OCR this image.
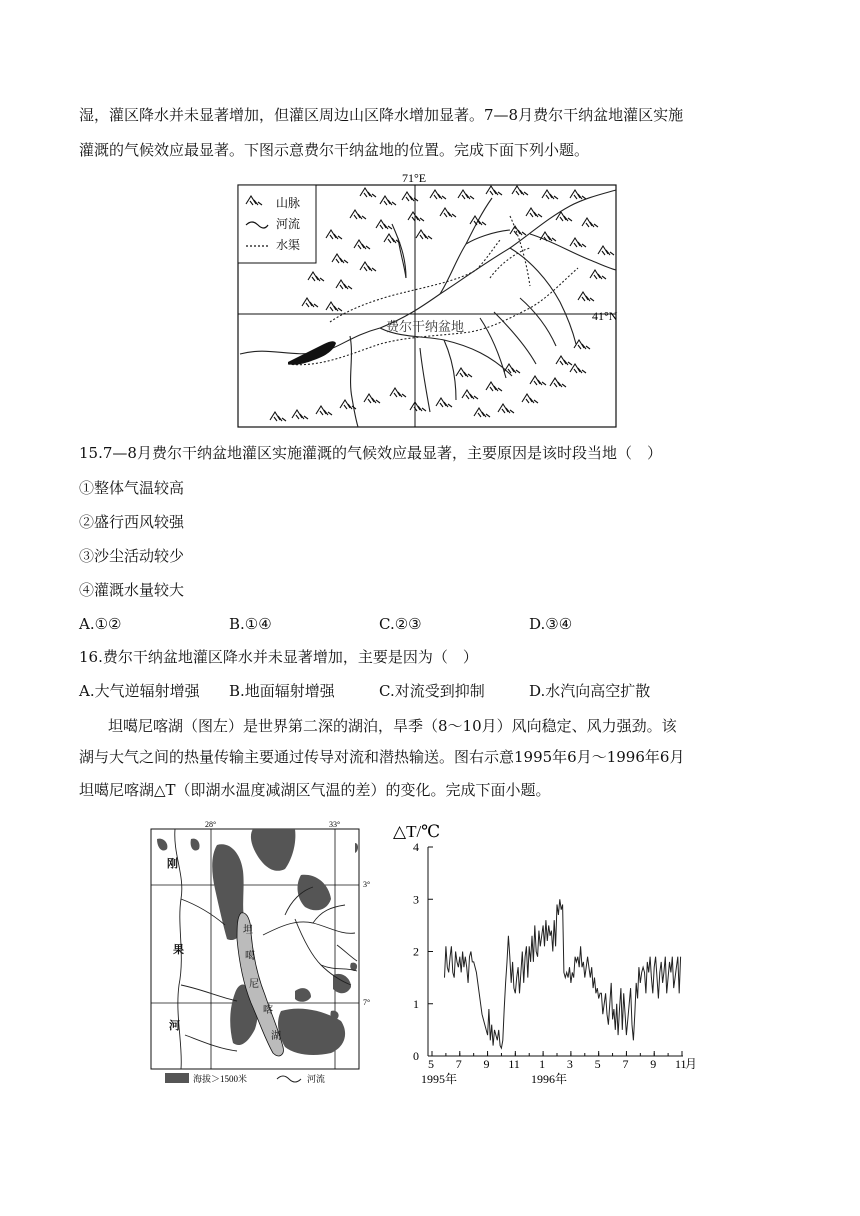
湿，灌区降水并未显著增加，但灌区周边山区降水增加显著。7—8月费尔干纳盆地灌区实施
灌溉的气候效应最显著。下图示意费尔干纳盆地的位置。完成下面下列小题。
71°E
41°N
山脉
河流
水渠
费尔干纳盆地
15.7—8月费尔干纳盆地灌区实施灌溉的气候效应最显著，主要原因是该时段当地（　）
①整体气温较高
②盛行西风较强
③沙尘活动较少
④灌溉水量较大
A.①②	B.①④	C.②③	D.③④
16.费尔干纳盆地灌区降水并未显著增加，主要是因为（　）
A.大气逆辐射增强 B.地面辐射增强	C.对流受到抑制	D.水汽向高空扩散
坦噶尼喀湖（图左）是世界第二深的湖泊，旱季（8～10月）风向稳定、风力强劲。该
湖与大气之间的热量传输主要通过传导对流和潜热输送。图右示意1995年6月～1996年6月
坦噶尼喀湖△T（即湖水温度减湖区气温的差）的变化。完成下面小题。
28°	33°
3°
7°
刚
果
河
坦
噶
尼
喀
湖
海拔＞1500米	河流
△T/℃
0
1
2
3
4
5 7 9 11 1 3 5 7 9 11
月
1995年	1996年
